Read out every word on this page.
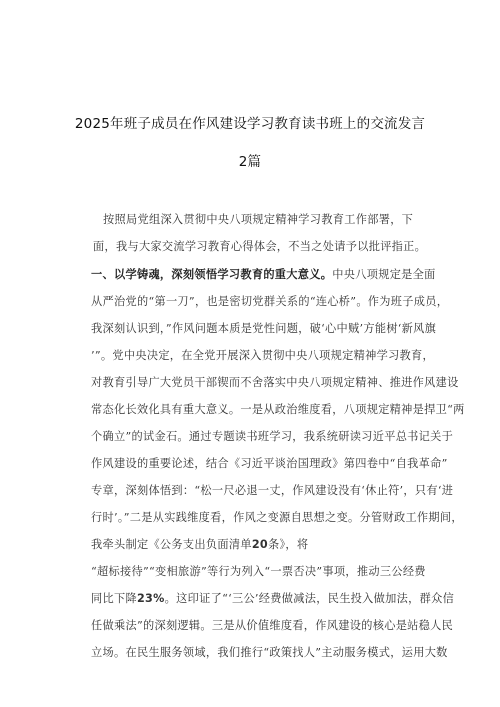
2025年班子成员在作风建设学习教育读书班上的交流发言
2篇
按照局党组深入贯彻中央八项规定精神学习教育工作部署，下
面，我与大家交流学习教育心得体会，不当之处请予以批评指正。
一、以学铸魂，深刻领悟学习教育的重大意义。中央八项规定是全面
从严治党的“第一刀”，也是密切党群关系的“连心桥”。作为班子成员，
我深刻认识到，”作风问题本质是党性问题，破‘心中贼’方能树‘新风旗
’”。党中央决定，在全党开展深入贯彻中央八项规定精神学习教育，
对教育引导广大党员干部锲而不舍落实中央八项规定精神、推进作风建设
常态化长效化具有重大意义。一是从政治维度看，八项规定精神是捍卫“两
个确立”的试金石。通过专题读书班学习，我系统研读习近平总书记关于
作风建设的重要论述，结合《习近平谈治国理政》第四卷中“自我革命”
专章，深刻体悟到：“松一尺必退一丈，作风建设没有‘休止符’，只有‘进
行时’。”二是从实践维度看，作风之变源自思想之变。分管财政工作期间，
我牵头制定《公务支出负面清单20条》，将
“超标接待”“变相旅游”等行为列入“一票否决”事项，推动三公经费
同比下降23%。这印证了“‘三公’经费做减法，民生投入做加法，群众信
任做乘法”的深刻逻辑。三是从价值维度看，作风建设的核心是站稳人民
立场。在民生服务领域，我们推行“政策找人”主动服务模式，运用大数
